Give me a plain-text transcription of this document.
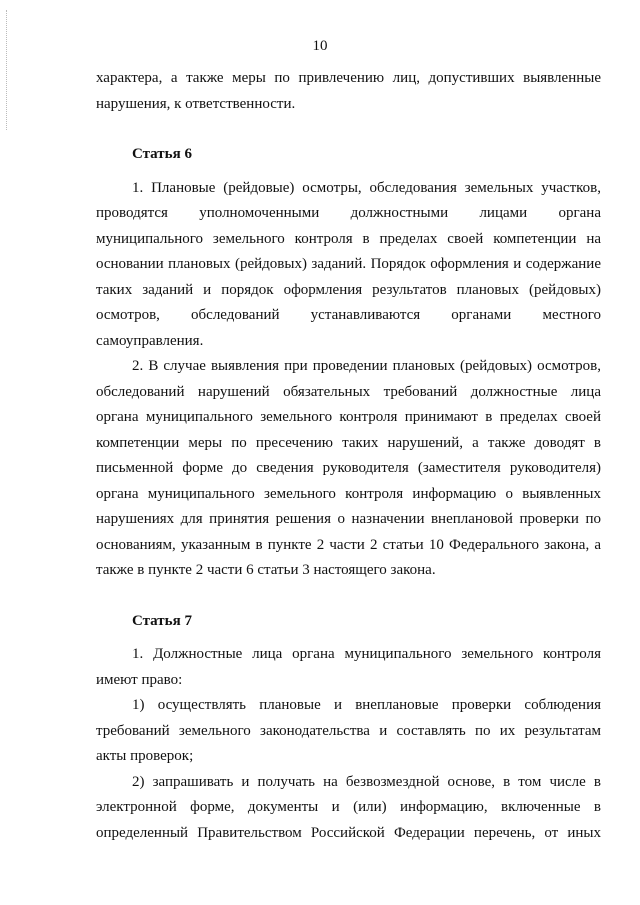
10

характера, а также меры по привлечению лиц, допустивших выявленные

нарушения, к ответственности.

Статья 6

1. Плановые (рейдовые) осмотры, обследования земельных участков,

проводятся уполномоченными должностными лицами органа

муниципального земельного контроля в пределах своей компетенции на

основании плановых (рейдовых) заданий. Порядок оформления и содержание

таких заданий и порядок оформления результатов плановых (рейдовых)

осмотров, обследований устанавливаются органами местного

самоуправления.

2. В случае выявления при проведении плановых (рейдовых) осмотров,

обследований нарушений обязательных требований должностные лица

органа муниципального земельного контроля принимают в пределах своей

компетенции меры по пресечению таких нарушений, а также доводят в

письменной форме до сведения руководителя (заместителя руководителя)

органа муниципального земельного контроля информацию о выявленных

нарушениях для принятия решения о назначении внеплановой проверки по

основаниям, указанным в пункте 2 части 2 статьи 10 Федерального закона, а

также в пункте 2 части 6 статьи 3 настоящего закона.

Статья 7

1. Должностные лица органа муниципального земельного контроля

имеют право:

1) осуществлять плановые и внеплановые проверки соблюдения

требований земельного законодательства и составлять по их результатам

акты проверок;

2) запрашивать и получать на безвозмездной основе, в том числе в

электронной форме, документы и (или) информацию, включенные в

определенный Правительством Российской Федерации перечень, от иных
